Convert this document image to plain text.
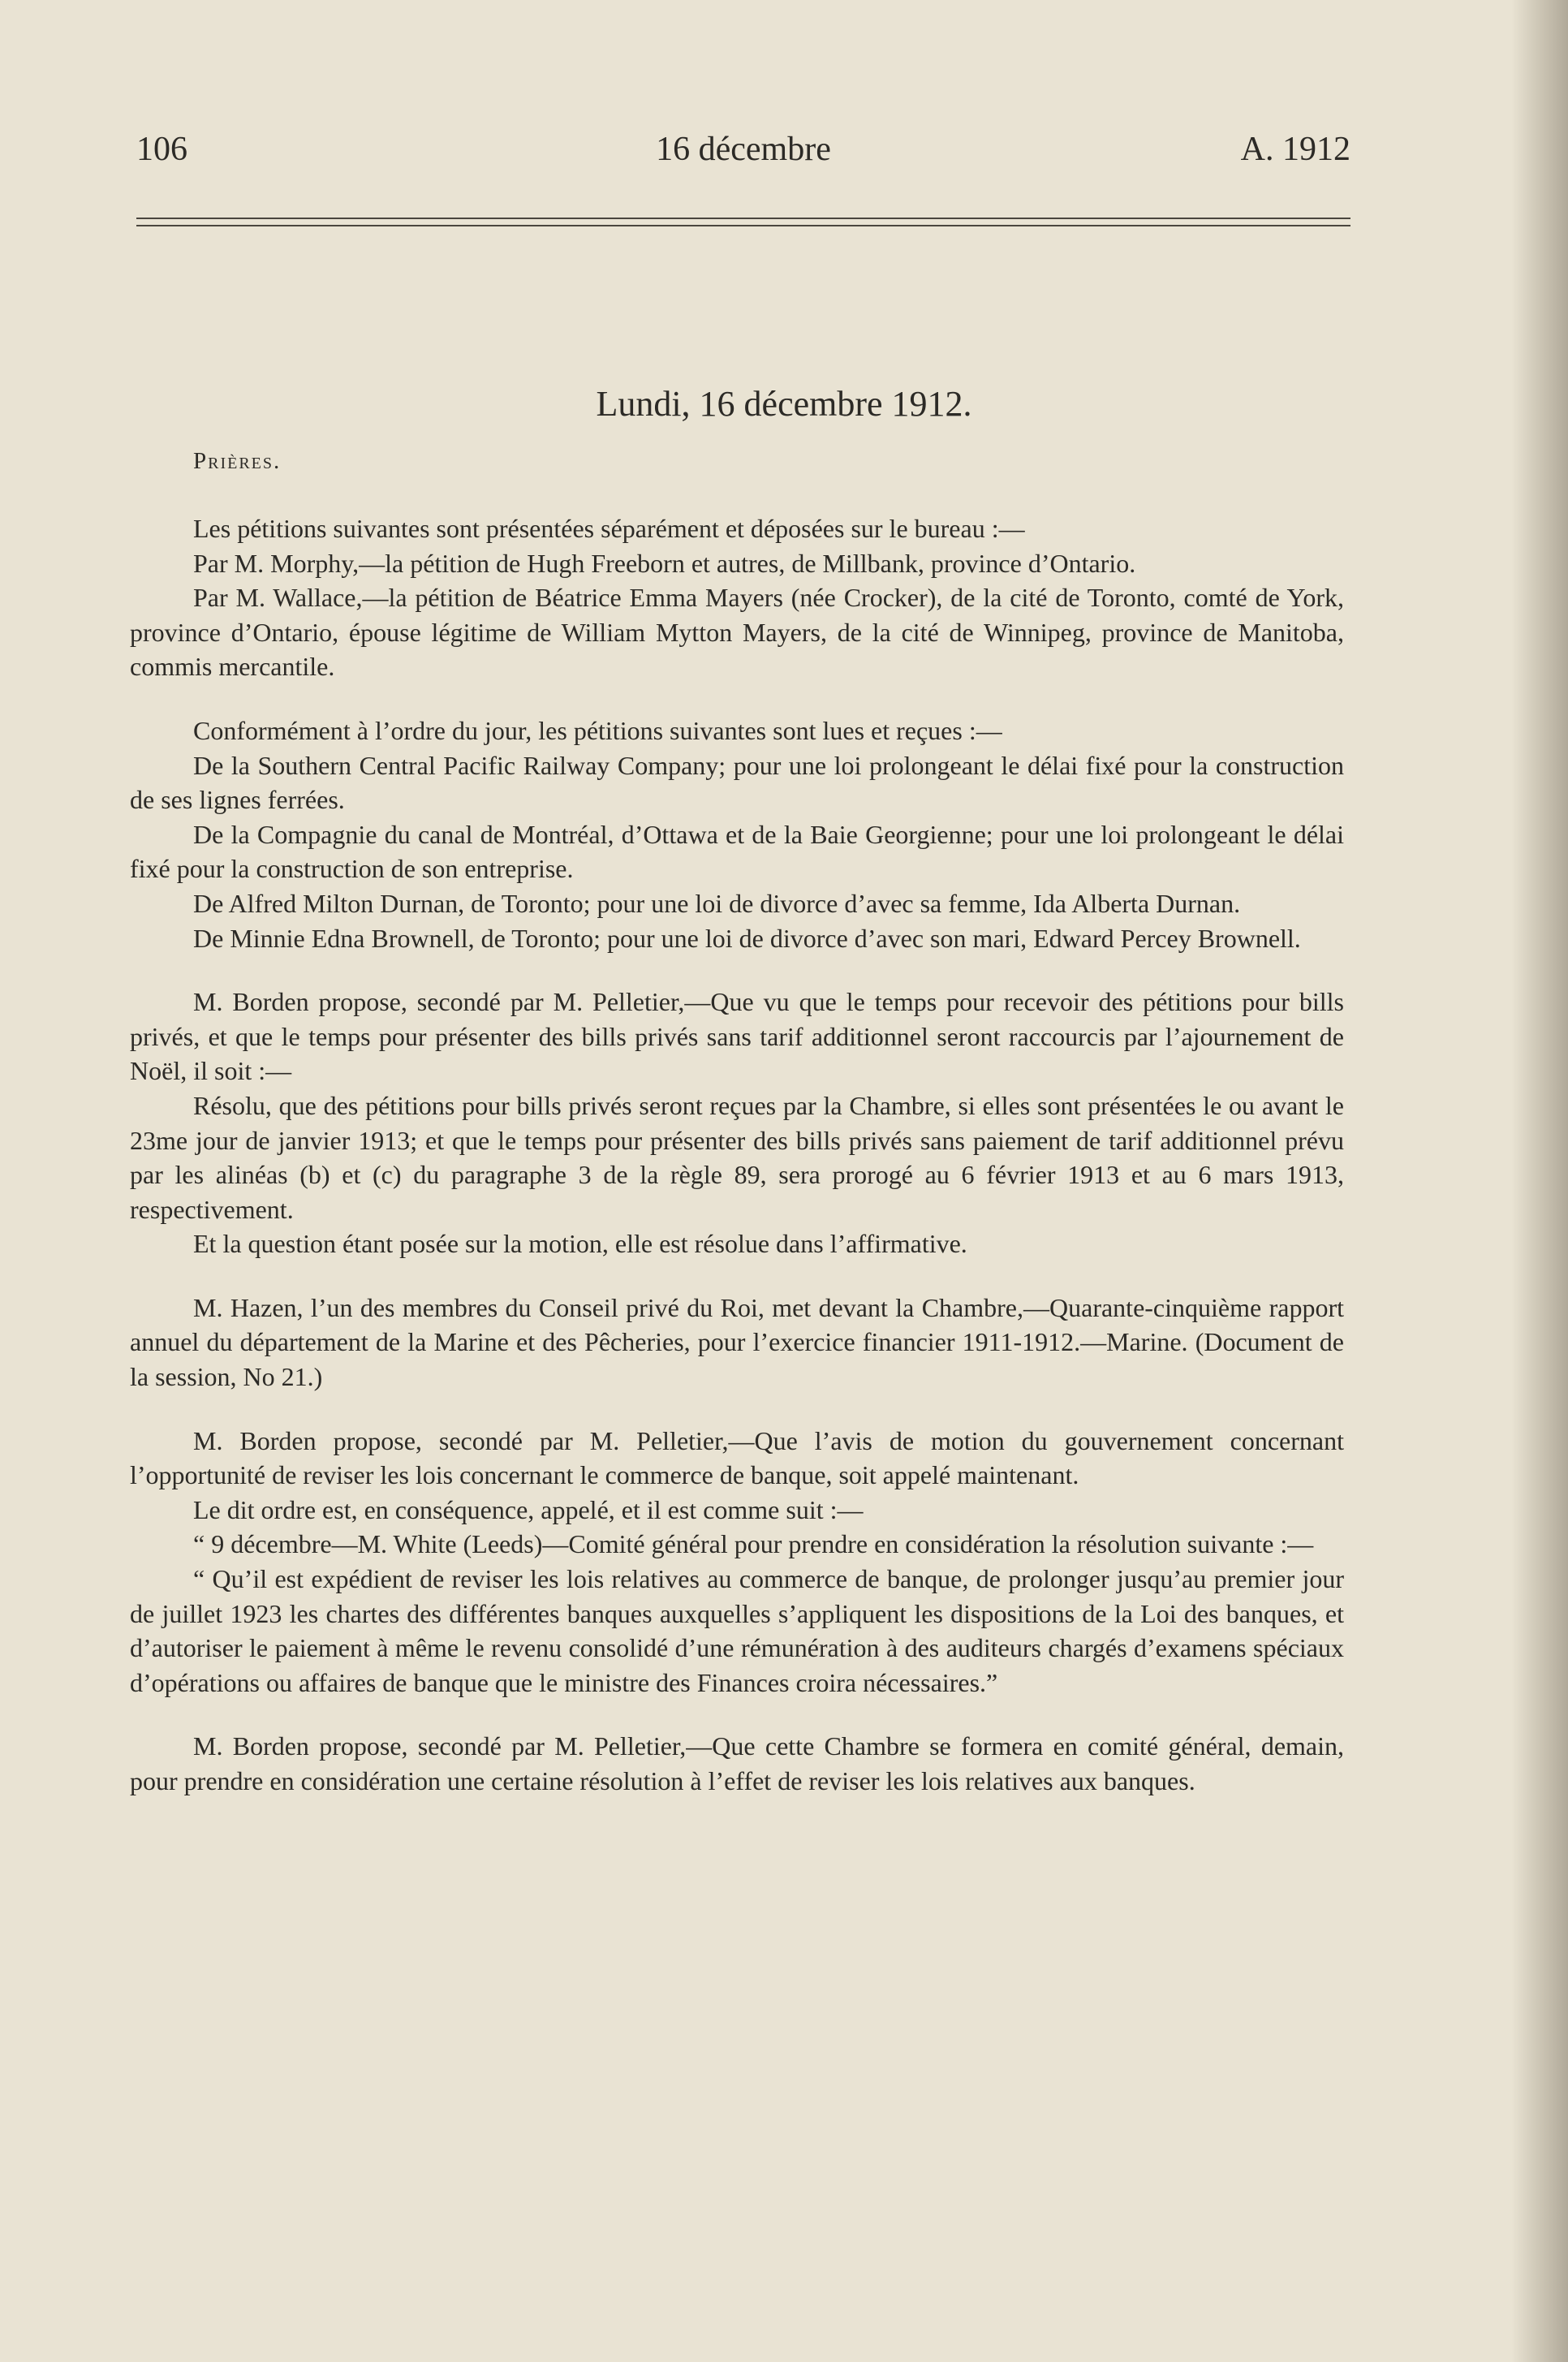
106	16 décembre	A. 1912
Lundi, 16 décembre 1912.
Prières.

Les pétitions suivantes sont présentées séparément et déposées sur le bureau :—

Par M. Morphy,—la pétition de Hugh Freeborn et autres, de Millbank, province d’Ontario.

Par M. Wallace,—la pétition de Béatrice Emma Mayers (née Crocker), de la cité de Toronto, comté de York, province d’Ontario, épouse légitime de William Mytton Mayers, de la cité de Winnipeg, province de Manitoba, commis mercantile.

Conformément à l’ordre du jour, les pétitions suivantes sont lues et reçues :—

De la Southern Central Pacific Railway Company; pour une loi prolongeant le délai fixé pour la construction de ses lignes ferrées.

De la Compagnie du canal de Montréal, d’Ottawa et de la Baie Georgienne; pour une loi prolongeant le délai fixé pour la construction de son entreprise.

De Alfred Milton Durnan, de Toronto; pour une loi de divorce d’avec sa femme, Ida Alberta Durnan.

De Minnie Edna Brownell, de Toronto; pour une loi de divorce d’avec son mari, Edward Percey Brownell.

M. Borden propose, secondé par M. Pelletier,—Que vu que le temps pour recevoir des pétitions pour bills privés, et que le temps pour présenter des bills privés sans tarif additionnel seront raccourcis par l’ajournement de Noël, il soit :—

Résolu, que des pétitions pour bills privés seront reçues par la Chambre, si elles sont présentées le ou avant le 23me jour de janvier 1913; et que le temps pour présenter des bills privés sans paiement de tarif additionnel prévu par les alinéas (b) et (c) du paragraphe 3 de la règle 89, sera prorogé au 6 février 1913 et au 6 mars 1913, respectivement.

Et la question étant posée sur la motion, elle est résolue dans l’affirmative.

M. Hazen, l’un des membres du Conseil privé du Roi, met devant la Chambre,—Quarante-cinquième rapport annuel du département de la Marine et des Pêcheries, pour l’exercice financier 1911-1912.—Marine. (Document de la session, No 21.)

M. Borden propose, secondé par M. Pelletier,—Que l’avis de motion du gouvernement concernant l’opportunité de reviser les lois concernant le commerce de banque, soit appelé maintenant.

Le dit ordre est, en conséquence, appelé, et il est comme suit :—

“ 9 décembre—M. White (Leeds)—Comité général pour prendre en considération la résolution suivante :—

“ Qu’il est expédient de reviser les lois relatives au commerce de banque, de prolonger jusqu’au premier jour de juillet 1923 les chartes des différentes banques auxquelles s’appliquent les dispositions de la Loi des banques, et d’autoriser le paiement à même le revenu consolidé d’une rémunération à des auditeurs chargés d’examens spéciaux d’opérations ou affaires de banque que le ministre des Finances croira nécessaires.”

M. Borden propose, secondé par M. Pelletier,—Que cette Chambre se formera en comité général, demain, pour prendre en considération une certaine résolution à l’effet de reviser les lois relatives aux banques.
